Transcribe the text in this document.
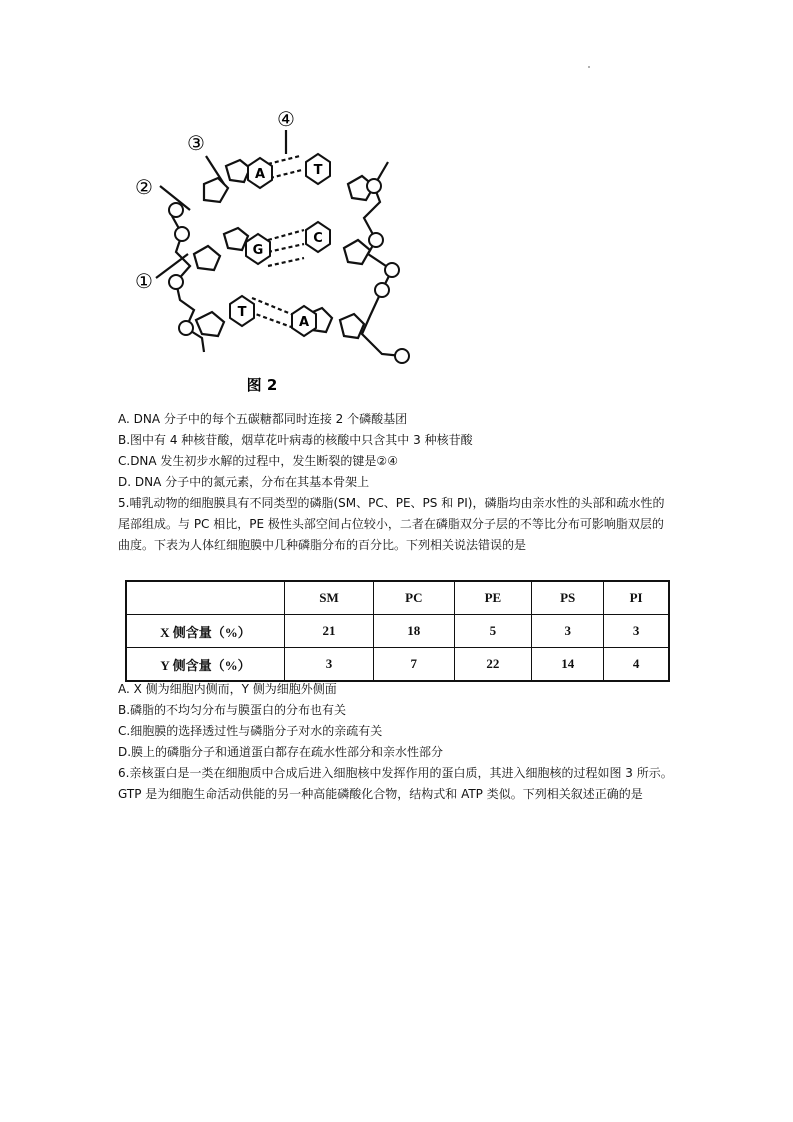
A	T
G
C
T
A
①
②
③
④
图 2
A. DNA 分子中的每个五碳糖都同时连接 2 个磷酸基团
B.图中有 4 种核苷酸，烟草花叶病毒的核酸中只含其中 3 种核苷酸
C.DNA 发生初步水解的过程中，发生断裂的键是②④
D. DNA 分子中的氮元素，分布在其基本骨架上
5.哺乳动物的细胞膜具有不同类型的磷脂(SM、PC、PE、PS 和 PI)，磷脂均由亲水性的头部和疏水性的尾部组成。与 PC 相比，PE 极性头部空间占位较小，二者在磷脂双分子层的不等比分布可影响脂双层的曲度。下表为人体红细胞膜中几种磷脂分布的百分比。下列相关说法错误的是
	SM	PC	PE	PS	PI
X 侧含量（%）	21	18	5	3	3
Y 侧含量（%）	3	7	22	14	4
A. X 侧为细胞内侧而，Y 侧为细胞外侧面
B.磷脂的不均匀分布与膜蛋白的分布也有关
C.细胞膜的选择透过性与磷脂分子对水的亲疏有关
D.膜上的磷脂分子和通道蛋白都存在疏水性部分和亲水性部分
6.亲核蛋白是一类在细胞质中合成后进入细胞核中发挥作用的蛋白质，其进入细胞核的过程如图 3 所示。GTP 是为细胞生命活动供能的另一种高能磷酸化合物，结构式和 ATP 类似。下列相关叙述正确的是
